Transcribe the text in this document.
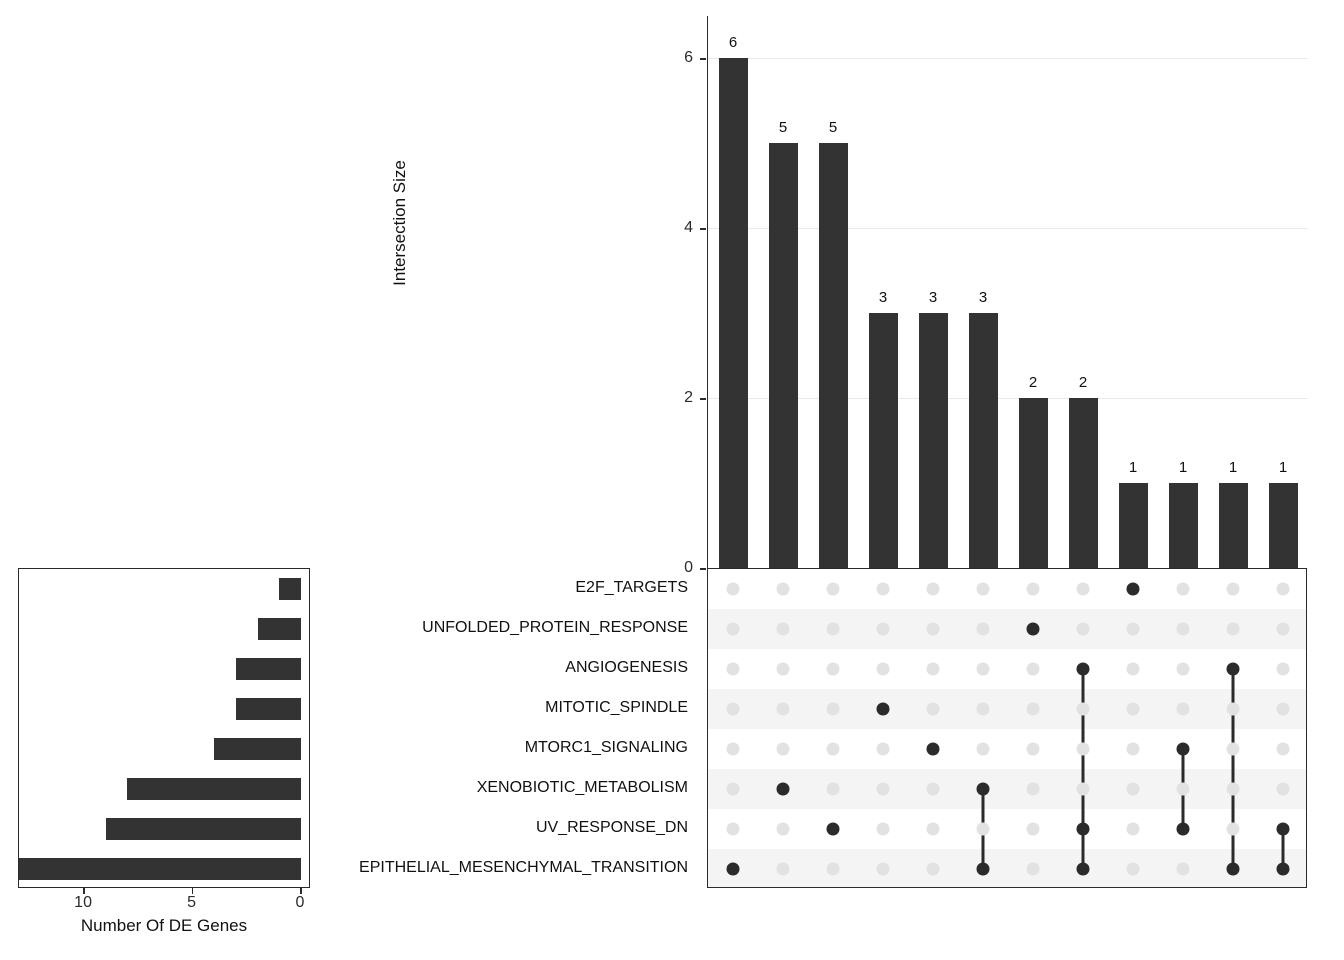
Intersection Size
0
2
4
6
6
5	5
3	3	3
2	2
1	1	1	1
E2F_TARGETS
UNFOLDED_PROTEIN_RESPONSE
ANGIOGENESIS
MITOTIC_SPINDLE
MTORC1_SIGNALING
XENOBIOTIC_METABOLISM
UV_RESPONSE_DN
EPITHELIAL_MESENCHYMAL_TRANSITION
10	5	0
Number Of DE Genes
